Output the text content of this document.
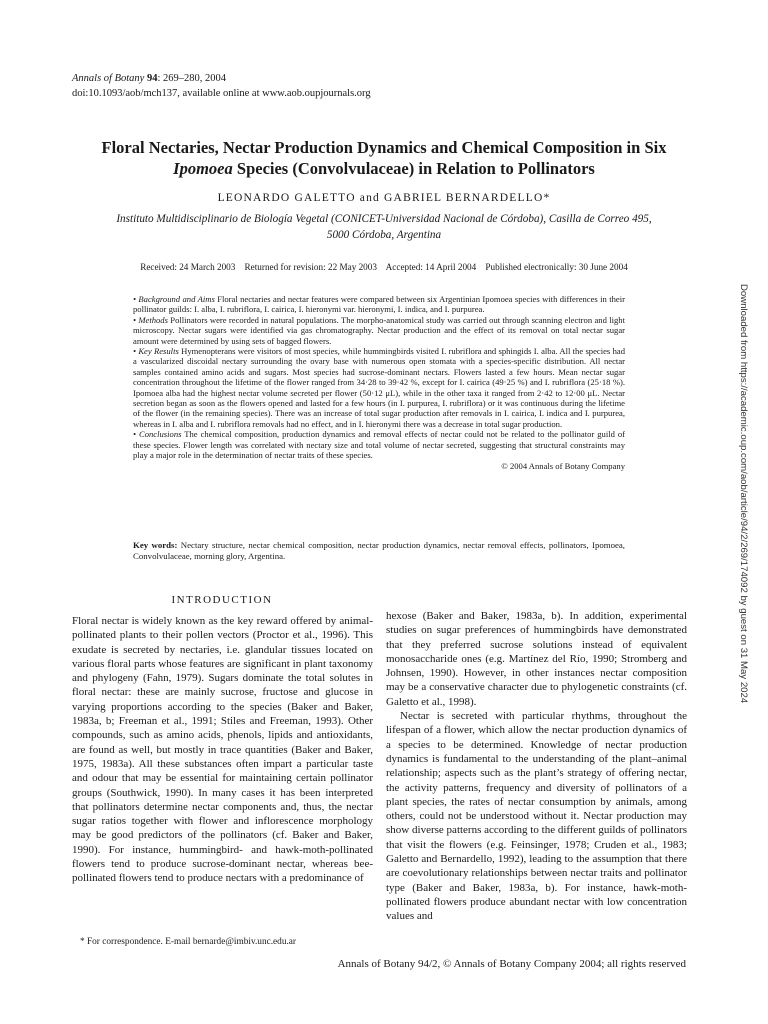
Annals of Botany 94: 269–280, 2004
doi:10.1093/aob/mch137, available online at www.aob.oupjournals.org
Floral Nectaries, Nectar Production Dynamics and Chemical Composition in Six
Ipomoea Species (Convolvulaceae) in Relation to Pollinators
LEONARDO GALETTO and GABRIEL BERNARDELLO*
Instituto Multidisciplinario de Biología Vegetal (CONICET-Universidad Nacional de Córdoba), Casilla de Correo 495,
5000 Córdoba, Argentina
Received: 24 March 2003    Returned for revision: 22 May 2003    Accepted: 14 April 2004    Published electronically: 30 June 2004

• Background and Aims Floral nectaries and nectar features were compared between six Argentinian Ipomoea species with differences in their pollinator guilds: I. alba, I. rubriflora, I. cairica, I. hieronymi var. hieronymi, I. indica, and I. purpurea.

• Methods Pollinators were recorded in natural populations. The morpho-anatomical study was carried out through scanning electron and light microscopy. Nectar sugars were identified via gas chromatography. Nectar production and the effect of its removal on total nectar sugar amount were determined by using sets of bagged flowers.

• Key Results Hymenopterans were visitors of most species, while hummingbirds visited I. rubriflora and sphingids I. alba. All the species had a vascularized discoidal nectary surrounding the ovary base with numerous open stomata with a species-specific distribution. All nectar samples contained amino acids and sugars. Most species had sucrose-dominant nectars. Flowers lasted a few hours. Mean nectar sugar concentration throughout the lifetime of the flower ranged from 34·28 to 39·42 %, except for I. cairica (49·25 %) and I. rubriflora (25·18 %). Ipomoea alba had the highest nectar volume secreted per flower (50·12 μL), while in the other taxa it ranged from 2·42 to 12·00 μL. Nectar secretion began as soon as the flowers opened and lasted for a few hours (in I. purpurea, I. rubriflora) or it was continuous during the lifetime of the flower (in the remaining species). There was an increase of total sugar production after removals in I. cairica, I. indica and I. purpurea, whereas in I. alba and I. rubriflora removals had no effect, and in I. hieronymi there was a decrease in total sugar production.

• Conclusions The chemical composition, production dynamics and removal effects of nectar could not be related to the pollinator guild of these species. Flower length was correlated with nectary size and total volume of nectar secreted, suggesting that structural constraints may play a major role in the determination of nectar traits of these species.

© 2004 Annals of Botany Company

Key words: Nectary structure, nectar chemical composition, nectar production dynamics, nectar removal effects, pollinators, Ipomoea, Convolvulaceae, morning glory, Argentina.
INTRODUCTION

Floral nectar is widely known as the key reward offered by animal-pollinated plants to their pollen vectors (Proctor et al., 1996). This exudate is secreted by nectaries, i.e. glandular tissues located on various floral parts whose features are significant in plant taxonomy and phylogeny (Fahn, 1979). Sugars dominate the total solutes in floral nectar: these are mainly sucrose, fructose and glucose in varying proportions according to the species (Baker and Baker, 1983a, b; Freeman et al., 1991; Stiles and Freeman, 1993). Other compounds, such as amino acids, phenols, lipids and antioxidants, are found as well, but mostly in trace quantities (Baker and Baker, 1975, 1983a). All these substances often impart a particular taste and odour that may be essential for maintaining certain pollinator groups (Southwick, 1990). In many cases it has been interpreted that pollinators determine nectar components and, thus, the nectar sugar ratios together with flower and inflorescence morphology may be good predictors of the pollinators (cf. Baker and Baker, 1990). For instance, hummingbird- and hawk-moth-pollinated flowers tend to produce sucrose-dominant nectar, whereas bee-pollinated flowers tend to produce nectars with a predominance of

hexose (Baker and Baker, 1983a, b). In addition, experimental studies on sugar preferences of hummingbirds have demonstrated that they preferred sucrose solutions instead of equivalent monosaccharide ones (e.g. Martínez del Río, 1990; Stromberg and Johnsen, 1990). However, in other instances nectar composition may be a conservative character due to phylogenetic constraints (cf. Galetto et al., 1998).

Nectar is secreted with particular rhythms, throughout the lifespan of a flower, which allow the nectar production dynamics of a species to be determined. Knowledge of nectar production dynamics is fundamental to the understanding of the plant–animal relationship; aspects such as the plant’s strategy of offering nectar, the activity patterns, frequency and diversity of pollinators of a plant species, the rates of nectar consumption by animals, among others, could not be understood without it. Nectar production may show diverse patterns according to the different guilds of pollinators that visit the flowers (e.g. Feinsinger, 1978; Cruden et al., 1983; Galetto and Bernardello, 1992), leading to the assumption that there are coevolutionary relationships between nectar traits and pollinator type (Baker and Baker, 1983a, b). For instance, hawk-moth-pollinated flowers produce abundant nectar with low concentration values and

* For correspondence. E-mail bernarde@imbiv.unc.edu.ar
Annals of Botany 94/2, © Annals of Botany Company 2004; all rights reserved
Downloaded from https://academic.oup.com/aob/article/94/2/269/174092 by guest on 31 May 2024
